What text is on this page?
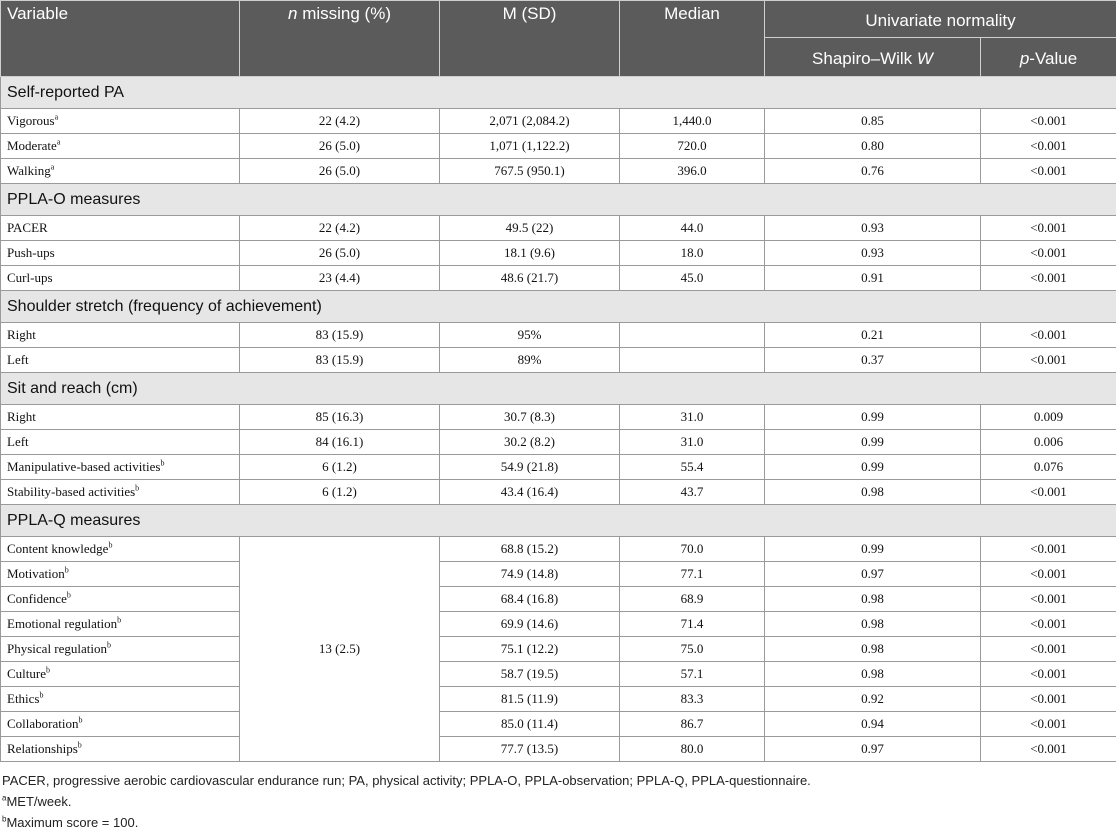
Variable	n missing (%)	M (SD)	Median	Univariate normality	
				Shapiro–Wilk W	p-Value
Self-reported PA					
Vigorous$^a$	22 (4.2)	2,071 (2,084.2)	1,440.0	0.85	<0.001
Moderate$^a$	26 (5.0)	1,071 (1,122.2)	720.0	0.80	<0.001
Walking$^a$	26 (5.0)	767.5 (950.1)	396.0	0.76	<0.001
PPLA-O measures					
PACER	22 (4.2)	49.5 (22)	44.0	0.93	<0.001
Push-ups	26 (5.0)	18.1 (9.6)	18.0	0.93	<0.001
Curl-ups	23 (4.4)	48.6 (21.7)	45.0	0.91	<0.001
Shoulder stretch (frequency of achievement)					
Right	83 (15.9)	95%		0.21	<0.001
Left	83 (15.9)	89%		0.37	<0.001
Sit and reach (cm)					
Right	85 (16.3)	30.7 (8.3)	31.0	0.99	0.009
Left	84 (16.1)	30.2 (8.2)	31.0	0.99	0.006
Manipulative-based activities$^b$	6 (1.2)	54.9 (21.8)	55.4	0.99	0.076
Stability-based activities$^b$	6 (1.2)	43.4 (16.4)	43.7	0.98	<0.001
PPLA-Q measures					
Content knowledge$^b$	13 (2.5)	68.8 (15.2)	70.0	0.99	<0.001
Motivation$^b$		74.9 (14.8)	77.1	0.97	<0.001
Confidence$^b$		68.4 (16.8)	68.9	0.98	<0.001
Emotional regulation$^b$		69.9 (14.6)	71.4	0.98	<0.001
Physical regulation$^b$		75.1 (12.2)	75.0	0.98	<0.001
Culture$^b$		58.7 (19.5)	57.1	0.98	<0.001
Ethics$^b$		81.5 (11.9)	83.3	0.92	<0.001
Collaboration$^b$		85.0 (11.4)	86.7	0.94	<0.001
Relationships$^b$		77.7 (13.5)	80.0	0.97	<0.001
PACER, progressive aerobic cardiovascular endurance run; PA, physical activity; PPLA-O, PPLA-observation; PPLA-Q, PPLA-questionnaire.
$^a$MET/week.
$^b$Maximum score = 100.
